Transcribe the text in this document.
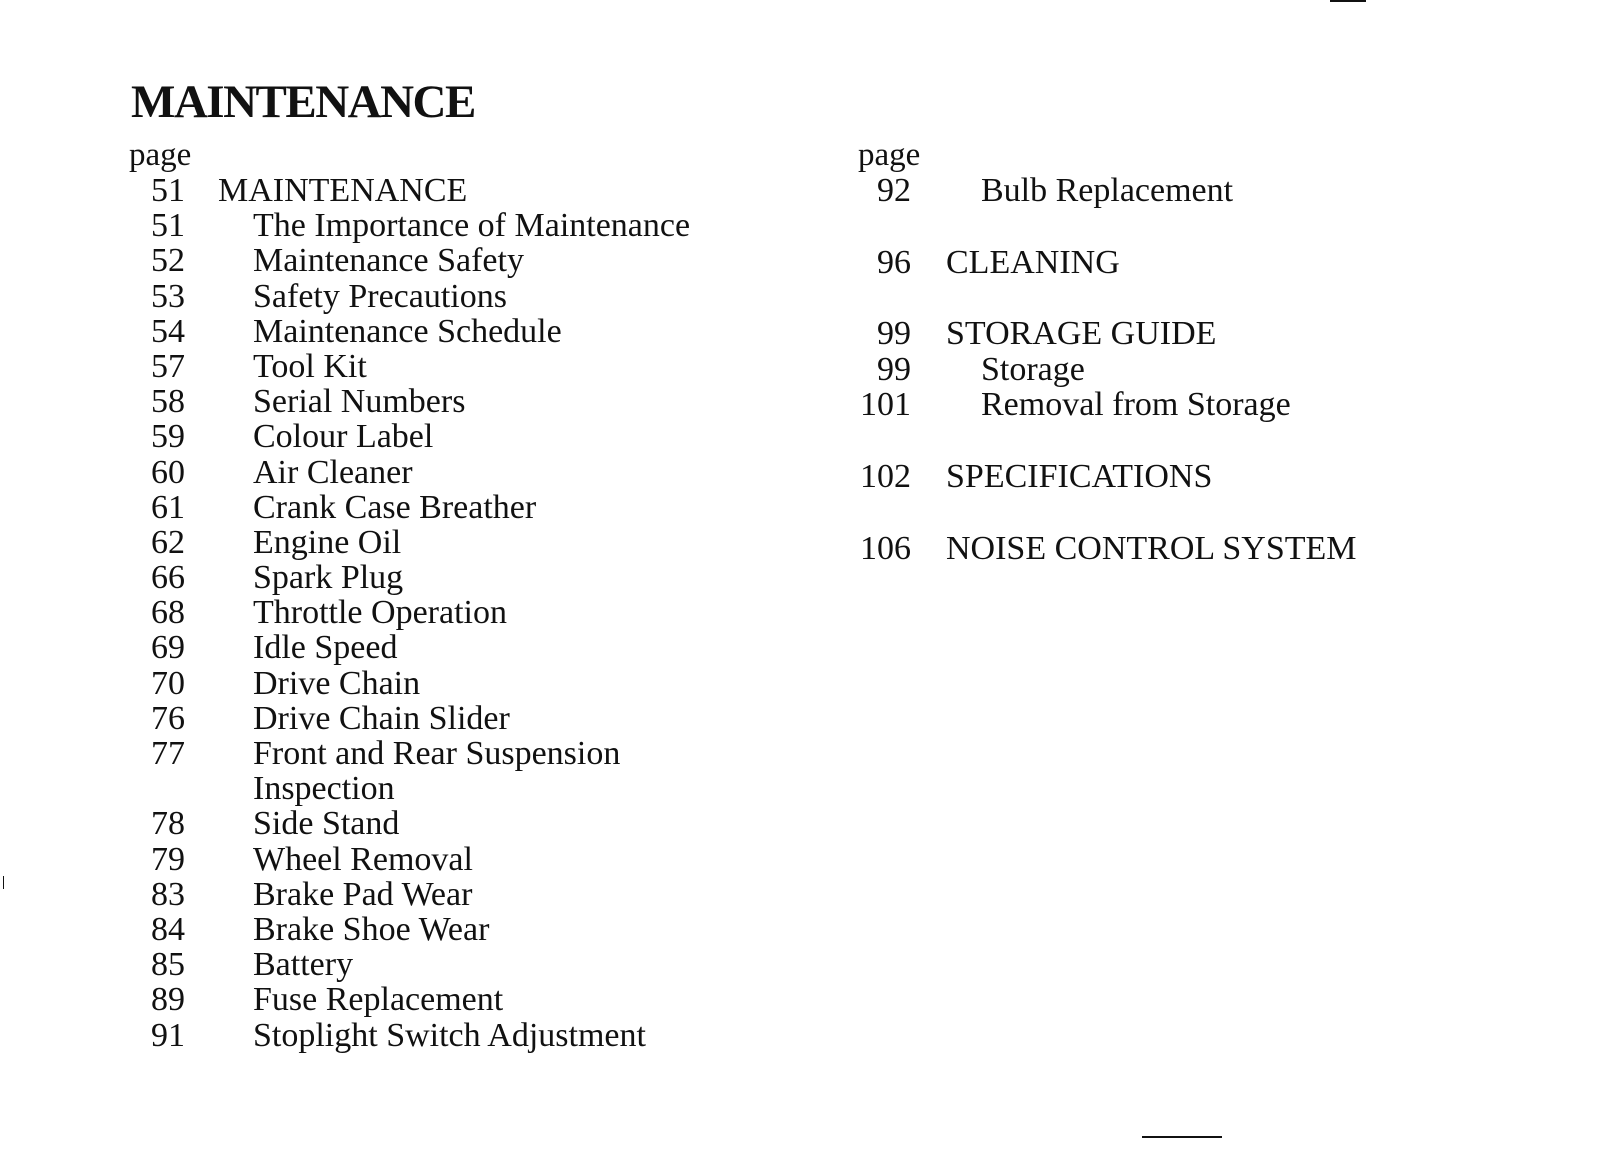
MAINTENANCE
page
51 MAINTENANCE
51 The Importance of Maintenance
52 Maintenance Safety
53 Safety Precautions
54 Maintenance Schedule
57 Tool Kit
58 Serial Numbers
59 Colour Label
60 Air Cleaner
61 Crank Case Breather
62 Engine Oil
66 Spark Plug
68 Throttle Operation
69 Idle Speed
70 Drive Chain
76 Drive Chain Slider
77 Front and Rear Suspension
Inspection
78 Side Stand
79 Wheel Removal
83 Brake Pad Wear
84 Brake Shoe Wear
85 Battery
89 Fuse Replacement
91 Stoplight Switch Adjustment
page
92 Bulb Replacement
96 CLEANING
99 STORAGE GUIDE
99 Storage
101 Removal from Storage
102 SPECIFICATIONS
106 NOISE CONTROL SYSTEM
